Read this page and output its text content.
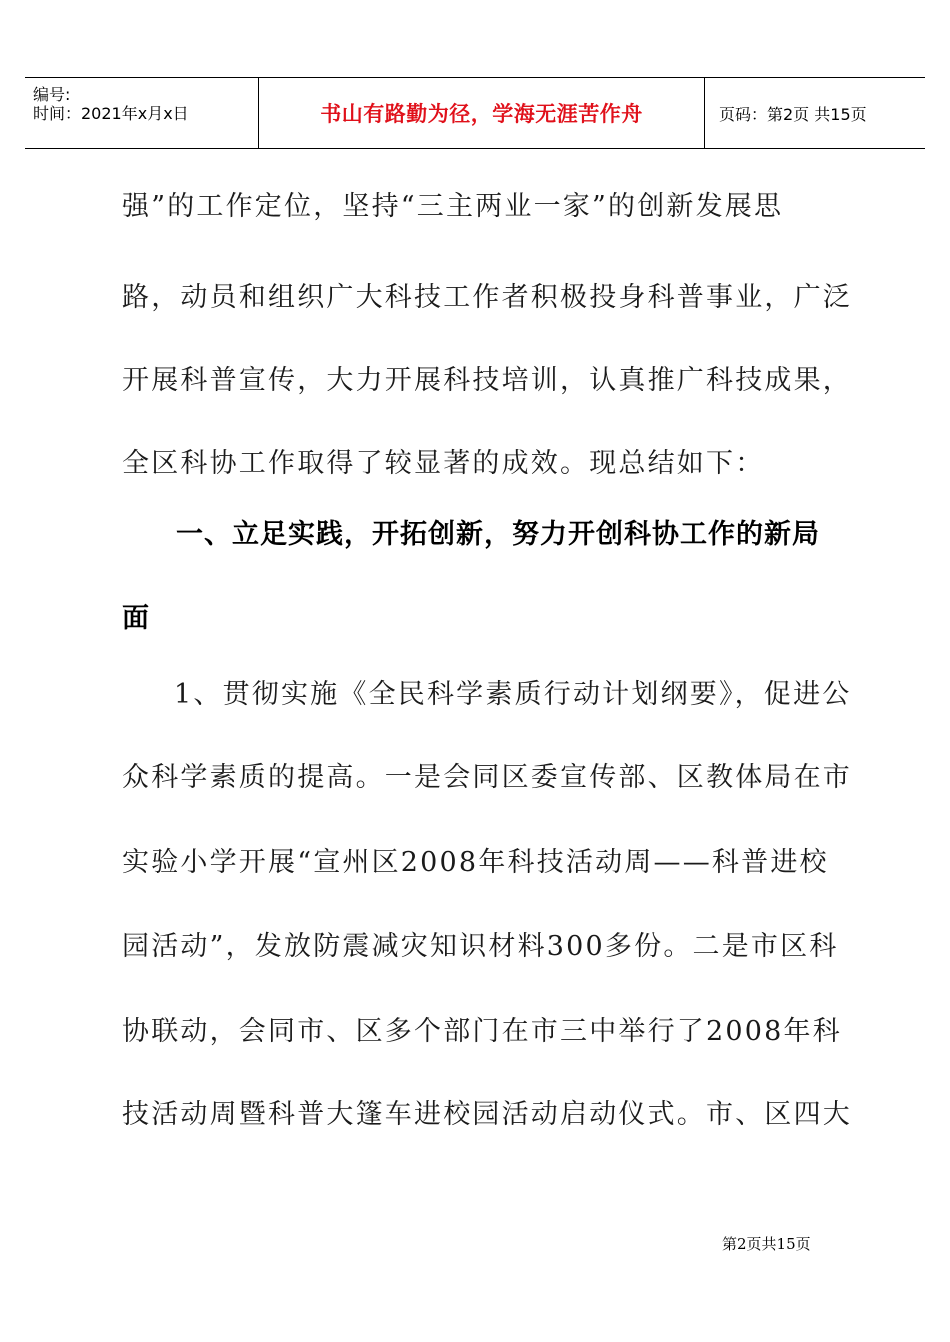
编号:
时间：2021年x月x日	书山有路勤为径，学海无涯苦作舟	页码：第2页 共15页
强”的工作定位，坚持“三主两业一家”的创新发展思
路，动员和组织广大科技工作者积极投身科普事业，广泛
开展科普宣传，大力开展科技培训，认真推广科技成果，
全区科协工作取得了较显著的成效。现总结如下：
一、立足实践，开拓创新，努力开创科协工作的新局
面
1、贯彻实施《全民科学素质行动计划纲要》，促进公
众科学素质的提高。一是会同区委宣传部、区教体局在市
实验小学开展“宣州区2008年科技活动周——科普进校
园活动”，发放防震减灾知识材料300多份。二是市区科
协联动，会同市、区多个部门在市三中举行了2008年科
技活动周暨科普大篷车进校园活动启动仪式。市、区四大
第2页共15页
